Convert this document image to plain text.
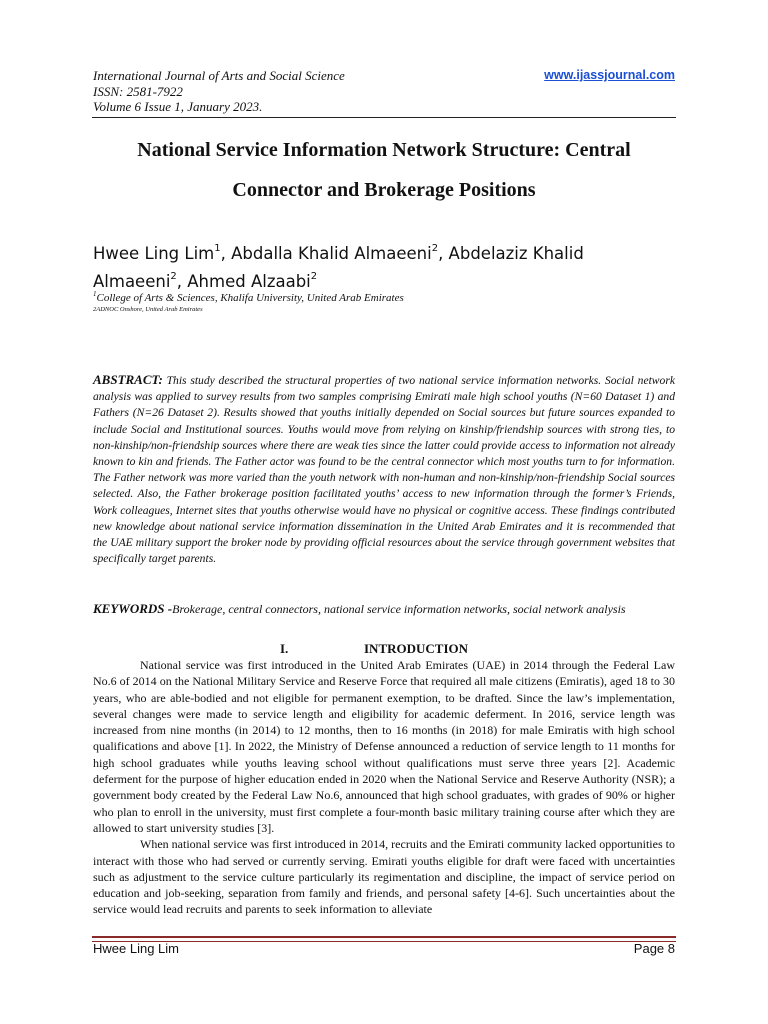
International Journal of Arts and Social Science
ISSN: 2581-7922
Volume 6 Issue 1, January 2023.
www.ijassjournal.com
National Service Information Network Structure: Central
Connector and Brokerage Positions
Hwee Ling Lim$^1$, Abdalla Khalid Almaeeni$^2$, Abdelaziz Khalid Almaeeni$^2$, Ahmed Alzaabi$^2$
$^1$College of Arts & Sciences, Khalifa University, United Arab Emirates
2ADNOC Onshore, United Arab Emirates
ABSTRACT: This study described the structural properties of two national service information networks. Social network analysis was applied to survey results from two samples comprising Emirati male high school youths (N=60 Dataset 1) and Fathers (N=26 Dataset 2). Results showed that youths initially depended on Social sources but future sources expanded to include Social and Institutional sources. Youths would move from relying on kinship/friendship sources with strong ties, to non-kinship/non-friendship sources where there are weak ties since the latter could provide access to information not already known to kin and friends. The Father actor was found to be the central connector which most youths turn to for information. The Father network was more varied than the youth network with non-human and non-kinship/non-friendship Social sources selected. Also, the Father brokerage position facilitated youths’ access to new information through the former’s Friends, Work colleagues, Internet sites that youths otherwise would have no physical or cognitive access. These findings contributed new knowledge about national service information dissemination in the United Arab Emirates and it is recommended that the UAE military support the broker node by providing official resources about the service through government websites that specifically target parents.
KEYWORDS -Brokerage, central connectors, national service information networks, social network analysis
I.	INTRODUCTION

National service was first introduced in the United Arab Emirates (UAE) in 2014 through the Federal Law No.6 of 2014 on the National Military Service and Reserve Force that required all male citizens (Emiratis), aged 18 to 30 years, who are able-bodied and not eligible for permanent exemption, to be drafted. Since the law’s implementation, several changes were made to service length and eligibility for academic deferment. In 2016, service length was increased from nine months (in 2014) to 12 months, then to 16 months (in 2018) for male Emiratis with high school qualifications and above [1]. In 2022, the Ministry of Defense announced a reduction of service length to 11 months for high school graduates while youths leaving school without qualifications must serve three years [2]. Academic deferment for the purpose of higher education ended in 2020 when the National Service and Reserve Authority (NSR); a government body created by the Federal Law No.6, announced that high school graduates, with grades of 90% or higher who plan to enroll in the university, must first complete a four-month basic military training course after which they are allowed to start university studies [3].

When national service was first introduced in 2014, recruits and the Emirati community lacked opportunities to interact with those who had served or currently serving. Emirati youths eligible for draft were faced with uncertainties such as adjustment to the service culture particularly its regimentation and discipline, the impact of service period on education and job-seeking, separation from family and friends, and personal safety [4-6]. Such uncertainties about the service would lead recruits and parents to seek information to alleviate

Hwee Ling Lim	Page 8
